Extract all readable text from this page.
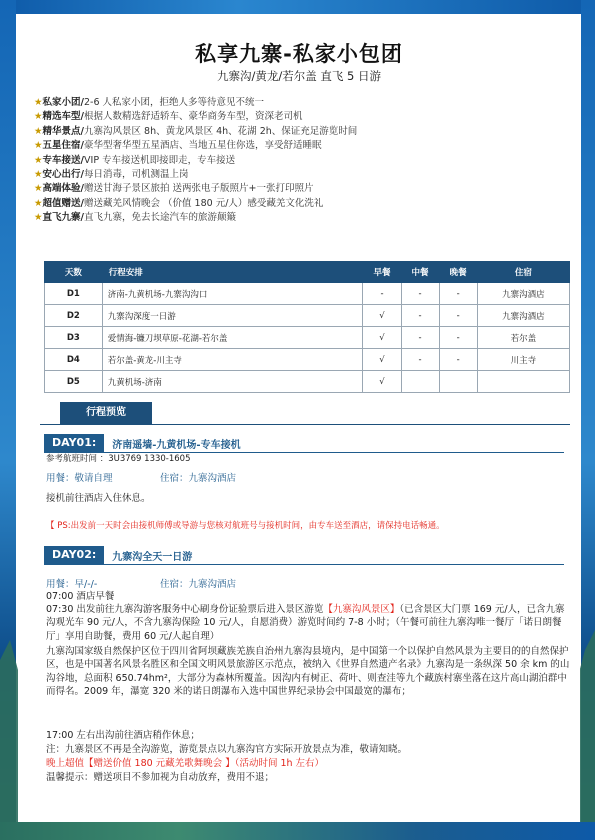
私享九寨-私家小包团
九寨沟/黄龙/若尔盖 直飞 5 日游
★私家小团/2-6 人私家小团，拒绝人多等待意见不统一
★精选车型/根据人数精选舒适轿车、豪华商务车型，资深老司机
★精华景点/九寨沟风景区 8h、黄龙风景区 4h、花湖 2h、保证充足游览时间
★五星住宿/豪华型奢华型五星酒店、当地五星住你选，享受舒适睡眠
★专车接送/VIP 专车接送机即接即走，专车接送
★安心出行/每日消毒，司机测温上岗
★高端体验/赠送甘海子景区旅拍 送两张电子版照片+一张打印照片
★超值赠送/赠送藏羌风情晚会 （价值 180 元/人）感受藏羌文化洗礼
★直飞九寨/直飞九寨，免去长途汽车的旅游颠簸
天数	行程安排	早餐	中餐	晚餐	住宿
D1	济南-九黄机场-九寨沟沟口	-	-	-	九寨沟酒店
D2	九寨沟深度一日游	√	-	-	九寨沟酒店
D3	爱情海-镰刀坝草原-花湖-若尔盖	√	-	-	若尔盖
D4	若尔盖-黄龙-川主寺	√	-	-	川主寺
D5	九黄机场-济南	√			
行程预览
DAY01:	济南遥墙-九黄机场-专车接机
参考航班时间 ：3U3769 1330-1605
用餐：敬请自理	住宿：九寨沟酒店
接机前往酒店入住休息。
【 PS:出发前一天时会由接机师傅或导游与您核对航班号与接机时间，由专车送至酒店，请保持电话畅通。
DAY02:	九寨沟全天一日游
用餐：早/-/-	住宿：九寨沟酒店
07:00 酒店早餐
07:30 出发前往九寨沟游客服务中心刷身份证验票后进入景区游览【九寨沟风景区】（已含景区大门票 169 元/人，已含九寨沟观光车 90 元/人，不含九寨沟保险 10 元/人，自愿消费）游览时间约 7-8 小时；（午餐可前往九寨沟唯一餐厅「诺日朗餐厅」享用自助餐，费用 60 元/人起自理）
九寨沟国家级自然保护区位于四川省阿坝藏族羌族自治州九寨沟县境内，是中国第一个以保护自然风景为主要目的的自然保护区，也是中国著名风景名胜区和全国文明风景旅游区示范点，被纳入《世界自然遗产名录》九寨沟是一条纵深 50 余 km 的山沟谷地，总面积 650.74hm²，大部分为森林所覆盖。因沟内有树正、荷叶、则查洼等九个藏族村寨坐落在这片高山湖泊群中而得名。2009 年，瀑宽 320 米的诺日朗瀑布入选中国世界纪录协会中国最宽的瀑布；
17:00 左右出沟前往酒店稍作休息；
注：九寨景区不再是全沟游览，游览景点以九寨沟官方实际开放景点为准，敬请知晓。
晚上超值【赠送价值 180 元藏羌歌舞晚会 】（活动时间 1h 左右）
温馨提示：赠送项目不参加视为自动放弃，费用不退；
